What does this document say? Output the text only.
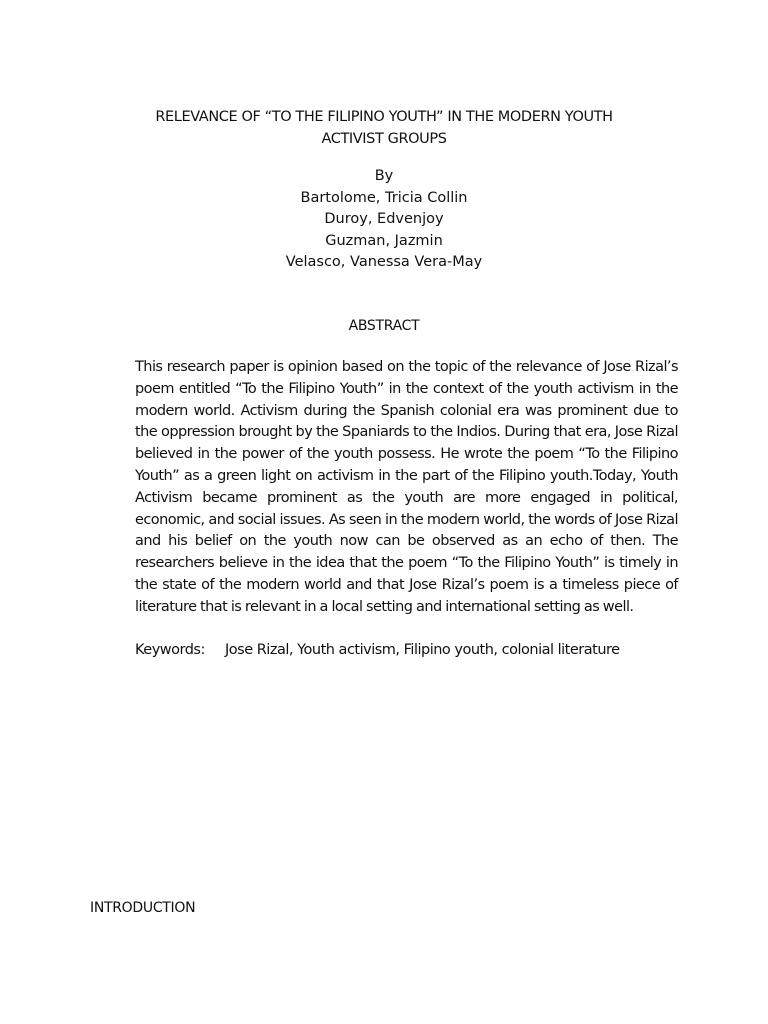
RELEVANCE OF “TO THE FILIPINO YOUTH” IN THE MODERN YOUTH
ACTIVIST GROUPS
By
Bartolome, Tricia Collin
Duroy, Edvenjoy
Guzman, Jazmin
Velasco, Vanessa Vera-May
ABSTRACT

This research paper is opinion based on the topic of the relevance of Jose Rizal’s poem entitled “To the Filipino Youth” in the context of the youth activism in the modern world. Activism during the Spanish colonial era was prominent due to the oppression brought by the Spaniards to the Indios. During that era, Jose Rizal believed in the power of the youth possess. He wrote the poem “To the Filipino Youth” as a green light on activism in the part of the Filipino youth.Today, Youth Activism became prominent as the youth are more engaged in political, economic, and social issues. As seen in the modern world, the words of Jose Rizal and his belief on the youth now can be observed as an echo of then. The researchers believe in the idea that the poem “To the Filipino Youth” is timely in the state of the modern world and that Jose Rizal’s poem is a timeless piece of literature that is relevant in a local setting and international setting as well.

Keywords: Jose Rizal, Youth activism, Filipino youth, colonial literature
INTRODUCTION
